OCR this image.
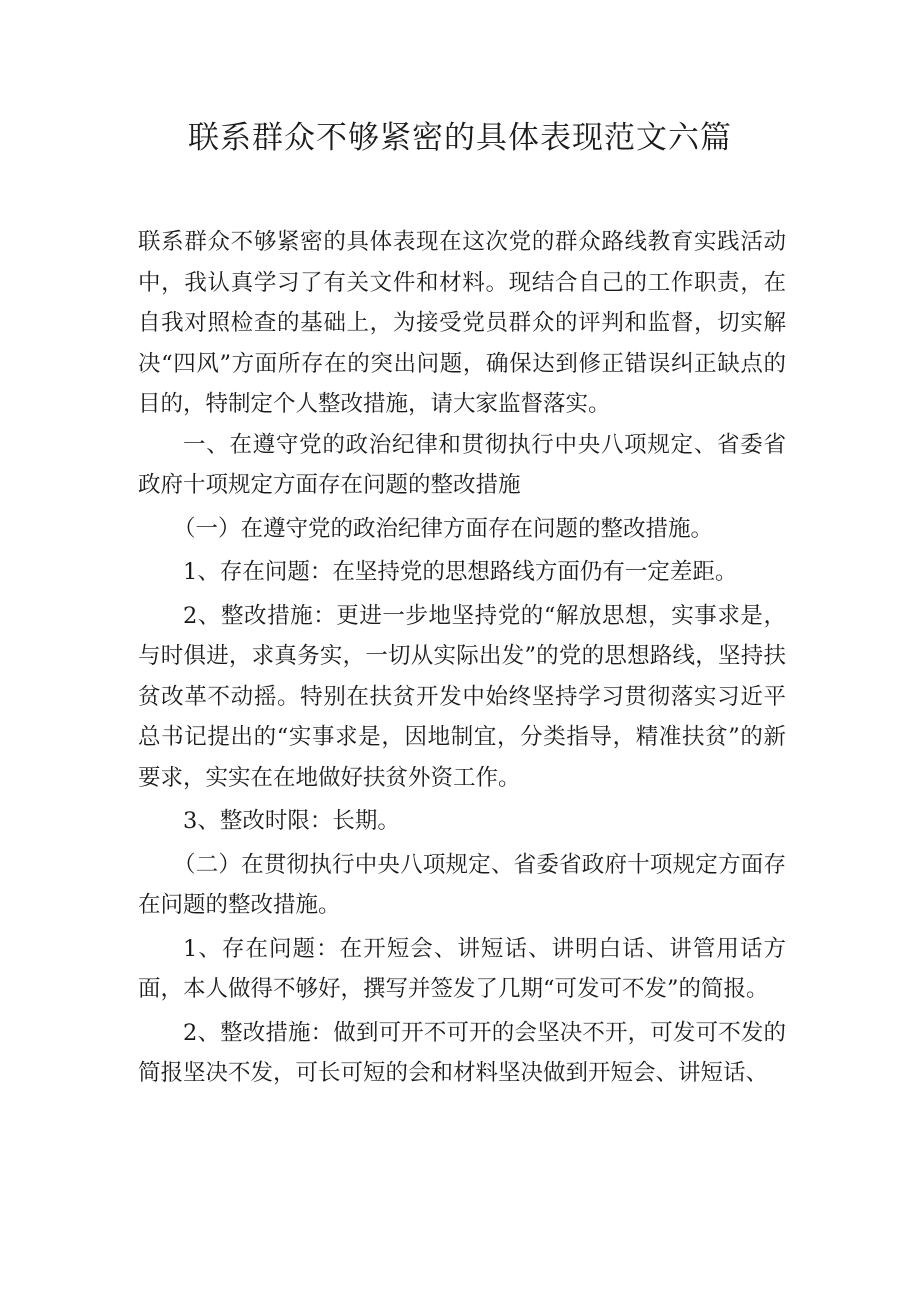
联系群众不够紧密的具体表现范文六篇

联系群众不够紧密的具体表现在这次党的群众路线教育实践活动中，我认真学习了有关文件和材料。现结合自己的工作职责，在自我对照检查的基础上，为接受党员群众的评判和监督，切实解决“四风”方面所存在的突出问题，确保达到修正错误纠正缺点的目的，特制定个人整改措施，请大家监督落实。

一、在遵守党的政治纪律和贯彻执行中央八项规定、省委省政府十项规定方面存在问题的整改措施

（一）在遵守党的政治纪律方面存在问题的整改措施。

1、存在问题：在坚持党的思想路线方面仍有一定差距。

2、整改措施：更进一步地坚持党的“解放思想，实事求是，与时俱进，求真务实，一切从实际出发”的党的思想路线，坚持扶贫改革不动摇。特别在扶贫开发中始终坚持学习贯彻落实习近平总书记提出的“实事求是，因地制宜，分类指导，精准扶贫”的新要求，实实在在地做好扶贫外资工作。

3、整改时限：长期。

（二）在贯彻执行中央八项规定、省委省政府十项规定方面存在问题的整改措施。

1、存在问题：在开短会、讲短话、讲明白话、讲管用话方面，本人做得不够好，撰写并签发了几期“可发可不发”的简报。

2、整改措施：做到可开不可开的会坚决不开，可发可不发的简报坚决不发，可长可短的会和材料坚决做到开短会、讲短话、
